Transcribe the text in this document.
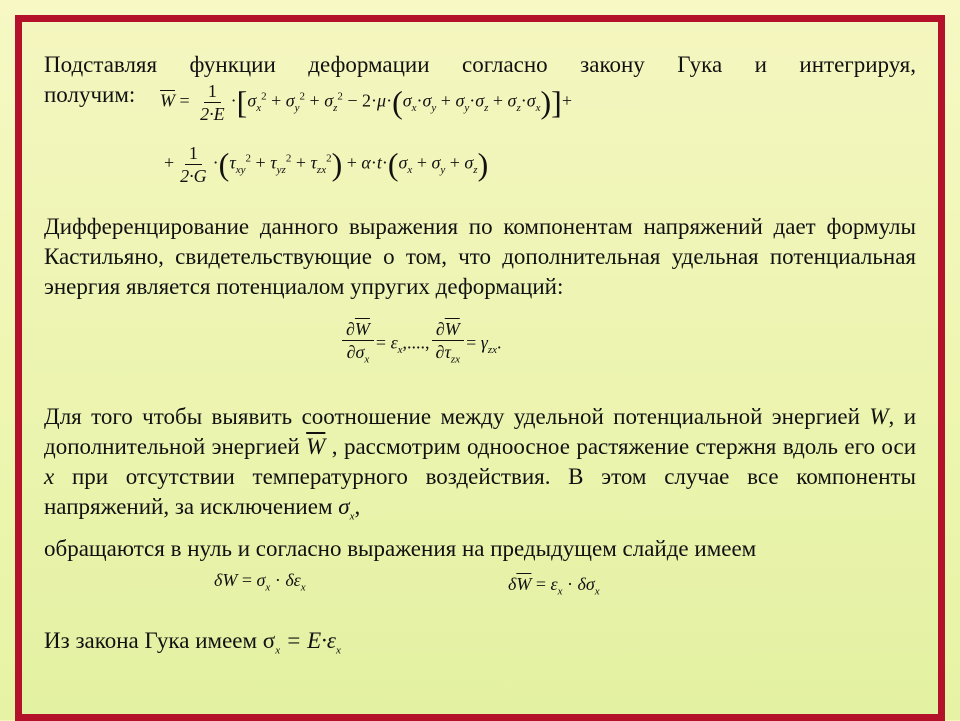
Подставляя функции деформации согласно закону Гука и интегрируя,
получим:	$\overline{W} = \frac{1}{2\cdot E} \cdot[\sigma_x^2 + \sigma_y^2 + \sigma_z^2 - 2\cdot\mu\cdot(\sigma_x\cdot\sigma_y + \sigma_y\cdot\sigma_z + \sigma_z\cdot\sigma_x)]+$
+ $\frac{1}{2\cdot G} \cdot(\tau_{xy}^2 + \tau_{yz}^2 + \tau_{zx}^2) + \alpha\cdot t\cdot(\sigma_x + \sigma_y + \sigma_z)$
Дифференцирование данного выражения по компонентам напряжений дает формулы Кастильяно, свидетельствующие о том, что дополнительная удельная потенциальная энергия является потенциалом упругих деформаций:
$\frac{\partial\overline{W}}{\partial\sigma_x} = \varepsilon_x$,...., $\frac{\partial\overline{W}}{\partial\tau_{zx}} = \gamma_{zx}$.
Для того чтобы выявить соотношение между удельной потенциальной энергией W, и дополнительной энергией $\overline{W}$ , рассмотрим одноосное растяжение стержня вдоль его оси x при отсутствии температурного воздействия. В этом случае все компоненты напряжений, за исключением $\sigma_x$,
обращаются в нуль и согласно выражения на предыдущем слайде имеем
$\delta W = \sigma_x \cdot \delta\varepsilon_x$	$\delta\overline{W} = \varepsilon_x \cdot \delta\sigma_x$
Из закона Гука имеем $\sigma_x = E\cdot\varepsilon_x$
